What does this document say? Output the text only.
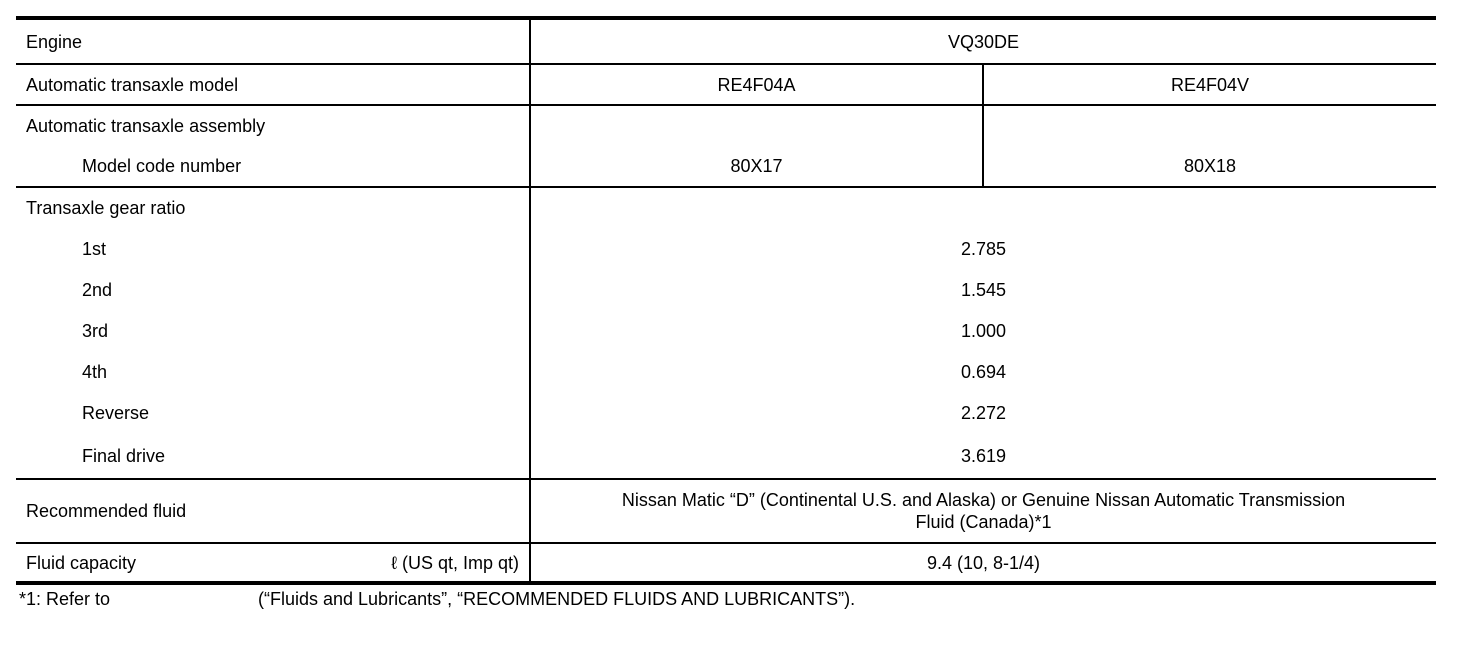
Engine	VQ30DE	
Automatic transaxle model	RE4F04A	RE4F04V
Automatic transaxle assembly		
Model code number	80X17	80X18
Transaxle gear ratio		
1st	2.785	
2nd	1.545	
3rd	1.000	
4th	0.694	
Reverse	2.272	
Final drive	3.619	
Recommended fluid	Nissan Matic “D” (Continental U.S. and Alaska) or Genuine Nissan Automatic Transmission
Fluid (Canada)*1	

Fluid capacity ℓ (US qt, Imp qt)	9.4 (10, 8-1/4)	
*1: Refer to	(“Fluids and Lubricants”, “RECOMMENDED FLUIDS AND LUBRICANTS”).
